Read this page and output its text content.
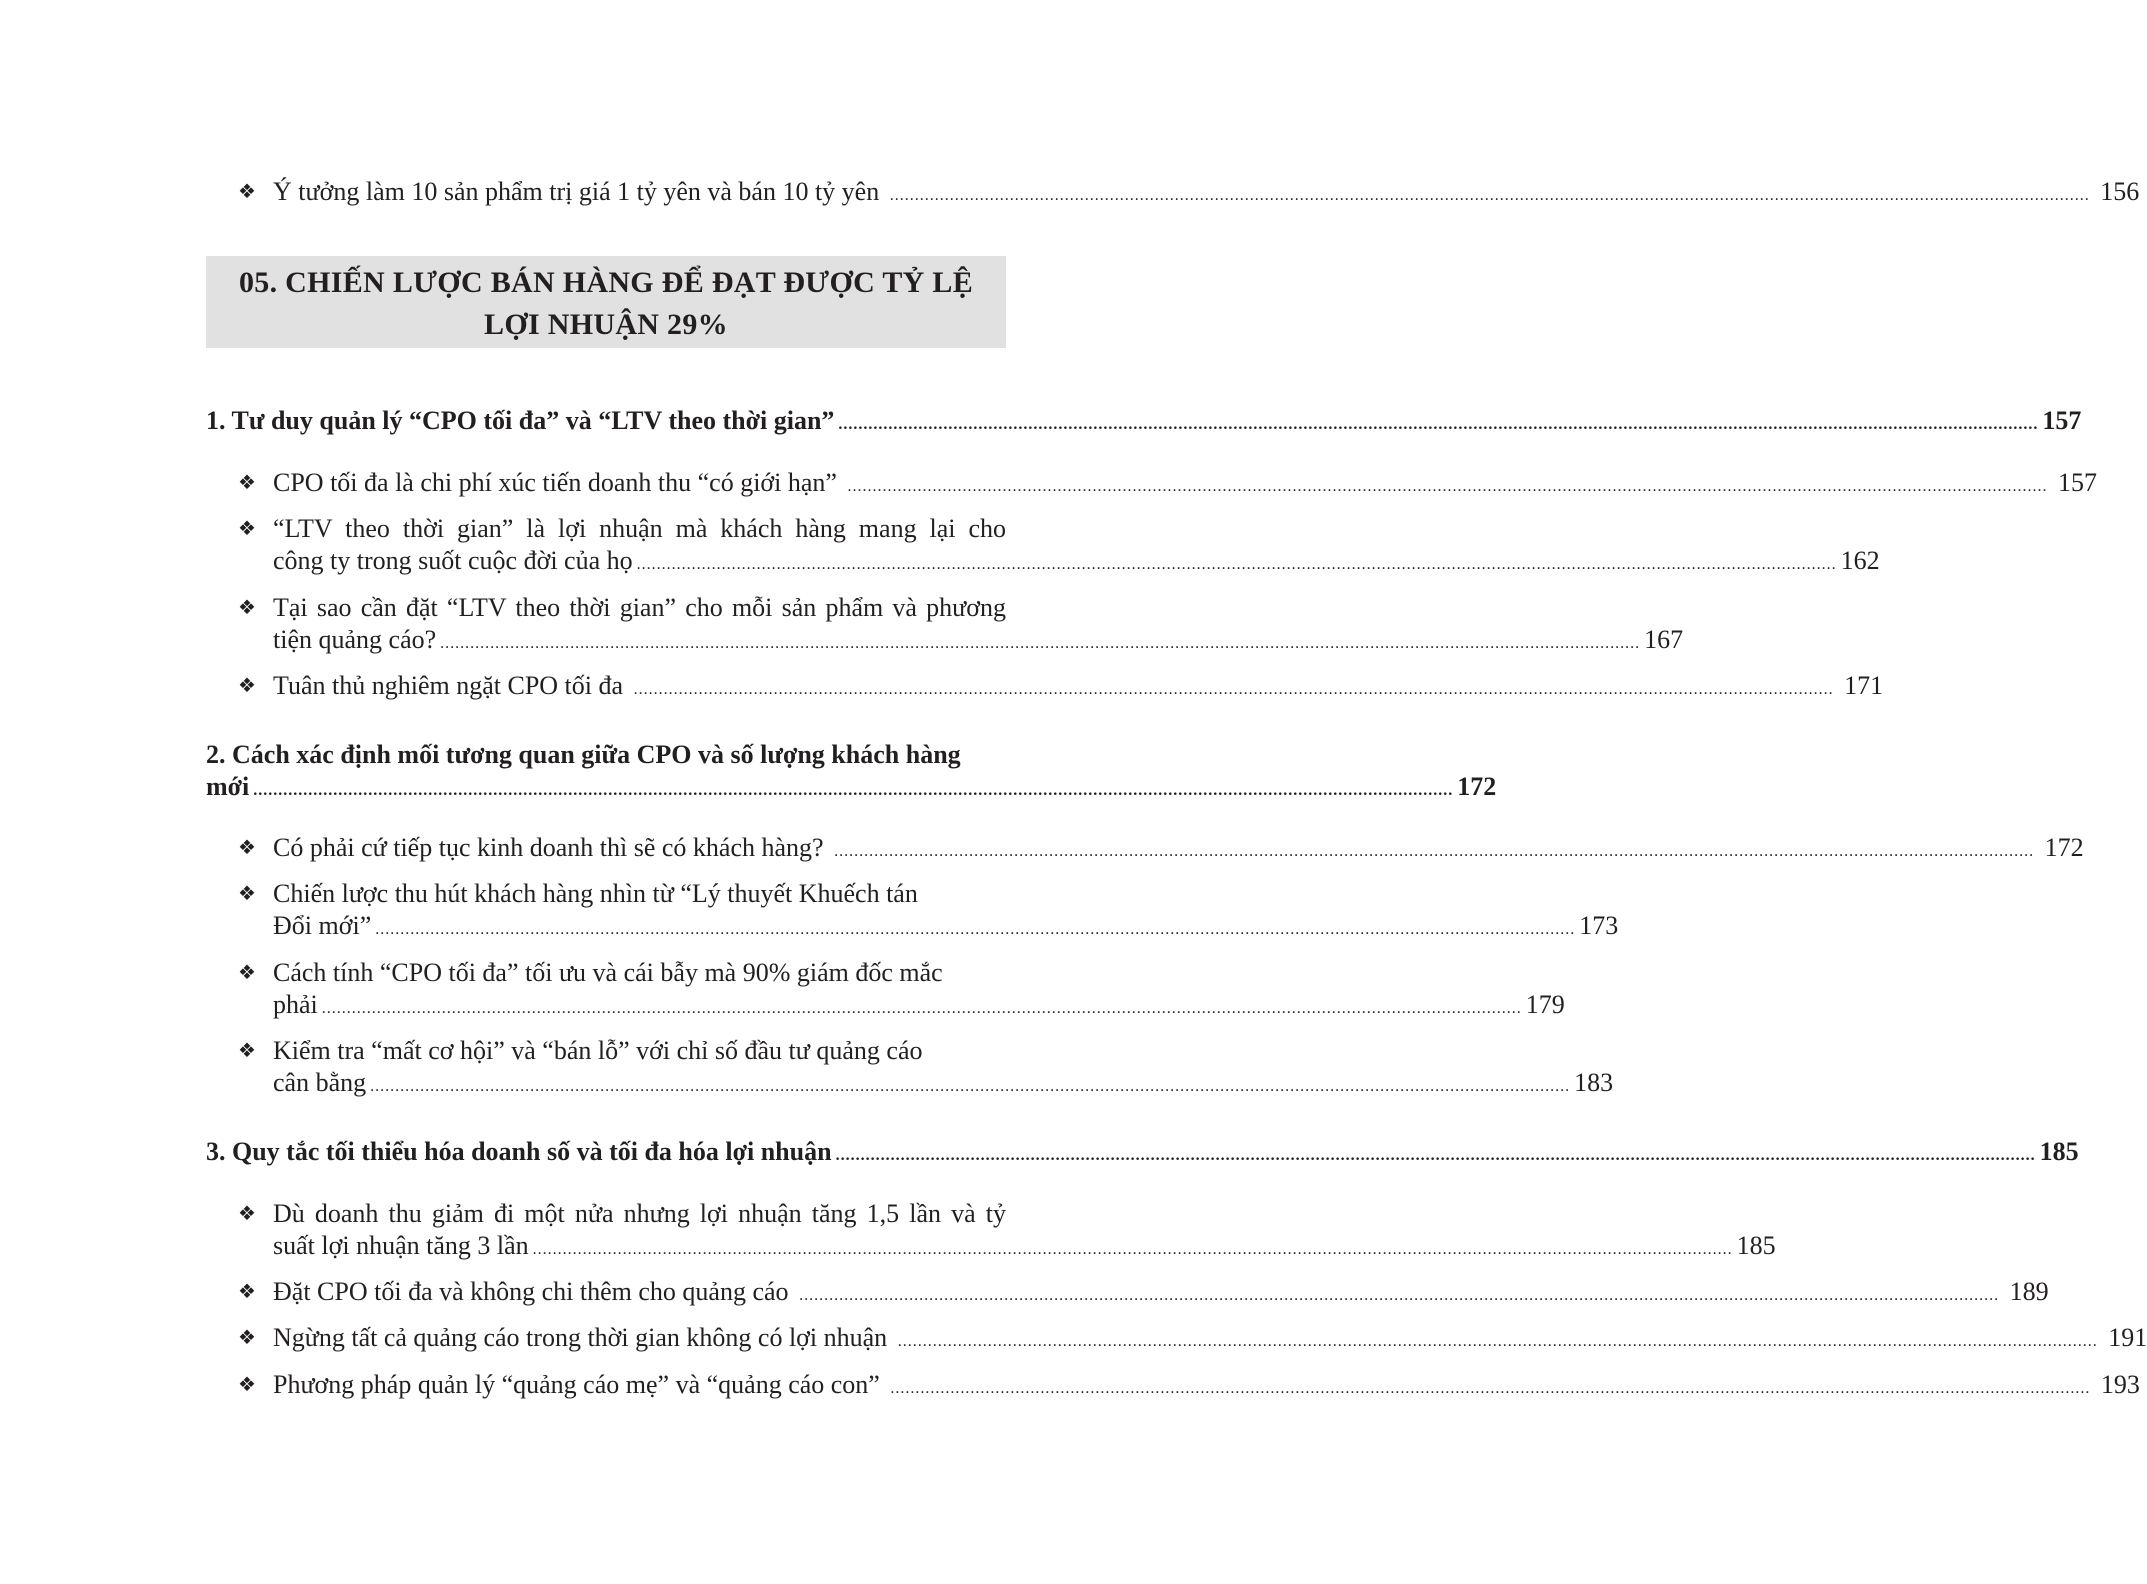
❖ Ý tưởng làm 10 sản phẩm trị giá 1 tỷ yên và bán 10 tỷ yên .....	156
05. CHIẾN LƯỢC BÁN HÀNG ĐỂ ĐẠT ĐƯỢC TỶ LỆ
LỢI NHUẬN 29%
1. Tư duy quản lý “CPO tối đa” và “LTV theo thời gian” .....	157
❖ CPO tối đa là chi phí xúc tiến doanh thu “có giới hạn” .....	157
❖ “LTV theo thời gian” là lợi nhuận mà khách hàng mang lại cho
công ty trong suốt cuộc đời của họ .....	162
❖ Tại sao cần đặt “LTV theo thời gian” cho mỗi sản phẩm và phương
tiện quảng cáo? .....	167
❖ Tuân thủ nghiêm ngặt CPO tối đa .....	171
2. Cách xác định mối tương quan giữa CPO và số lượng khách hàng
mới .....	172
❖ Có phải cứ tiếp tục kinh doanh thì sẽ có khách hàng? .....	172
❖ Chiến lược thu hút khách hàng nhìn từ “Lý thuyết Khuếch tán
Đổi mới” .....	173
❖ Cách tính “CPO tối đa” tối ưu và cái bẫy mà 90% giám đốc mắc
phải .....	179
❖ Kiểm tra “mất cơ hội” và “bán lỗ” với chỉ số đầu tư quảng cáo
cân bằng .....	183
3. Quy tắc tối thiểu hóa doanh số và tối đa hóa lợi nhuận .....	185
❖ Dù doanh thu giảm đi một nửa nhưng lợi nhuận tăng 1,5 lần và tỷ
suất lợi nhuận tăng 3 lần .....	185
❖ Đặt CPO tối đa và không chi thêm cho quảng cáo .....	189
❖ Ngừng tất cả quảng cáo trong thời gian không có lợi nhuận .....	191
❖ Phương pháp quản lý “quảng cáo mẹ” và “quảng cáo con” .....	193
